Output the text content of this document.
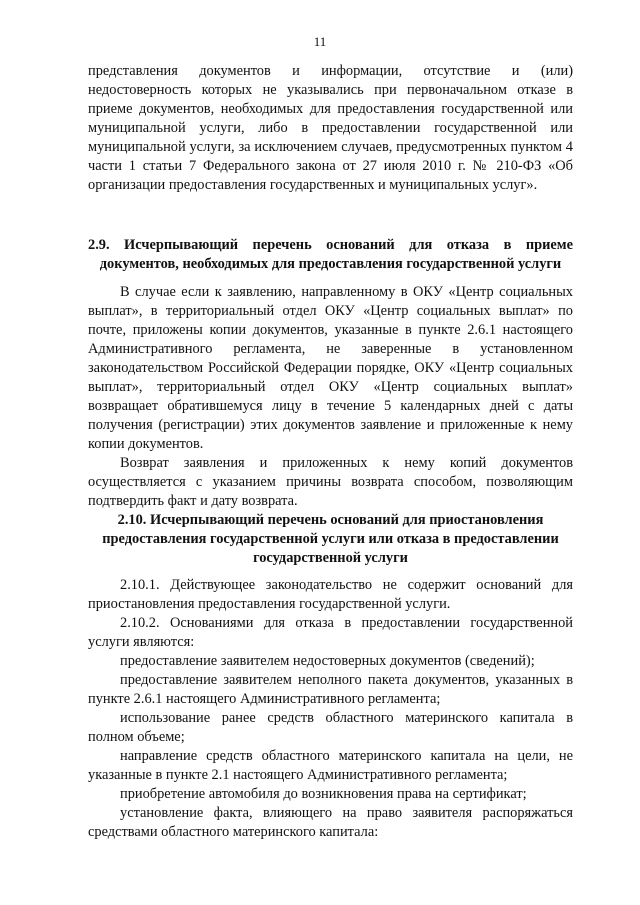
11

представления документов и информации, отсутствие и (или) недостоверность которых не указывались при первоначальном отказе в приеме документов, необходимых для предоставления государственной или муниципальной услуги, либо в предоставлении государственной или муниципальной услуги, за исключением случаев, предусмотренных пунктом 4 части 1 статьи 7 Федерального закона от 27 июля 2010 г. № 210-ФЗ «Об организации предоставления государственных и муниципальных услуг».

2.9. Исчерпывающий перечень оснований для отказа в приеме документов, необходимых для предоставления государственной услуги

В случае если к заявлению, направленному в ОКУ «Центр социальных выплат», в территориальный отдел ОКУ «Центр социальных выплат» по почте, приложены копии документов, указанные в пункте 2.6.1 настоящего Административного регламента, не заверенные в установленном законодательством Российской Федерации порядке, ОКУ «Центр социальных выплат», территориальный отдел ОКУ «Центр социальных выплат» возвращает обратившемуся лицу в течение 5 календарных дней с даты получения (регистрации) этих документов заявление и приложенные к нему копии документов.

Возврат заявления и приложенных к нему копий документов осуществляется с указанием причины возврата способом, позволяющим подтвердить факт и дату возврата.

2.10. Исчерпывающий перечень оснований для приостановления предоставления государственной услуги или отказа в предоставлении государственной услуги

2.10.1. Действующее законодательство не содержит оснований для приостановления предоставления государственной услуги.

2.10.2. Основаниями для отказа в предоставлении государственной услуги являются:

предоставление заявителем недостоверных документов (сведений);

предоставление заявителем неполного пакета документов, указанных в пункте 2.6.1 настоящего Административного регламента;

использование ранее средств областного материнского капитала в полном объеме;

направление средств областного материнского капитала на цели, не указанные в пункте 2.1 настоящего Административного регламента;

приобретение автомобиля до возникновения права на сертификат;

установление факта, влияющего на право заявителя распоряжаться средствами областного материнского капитала:
